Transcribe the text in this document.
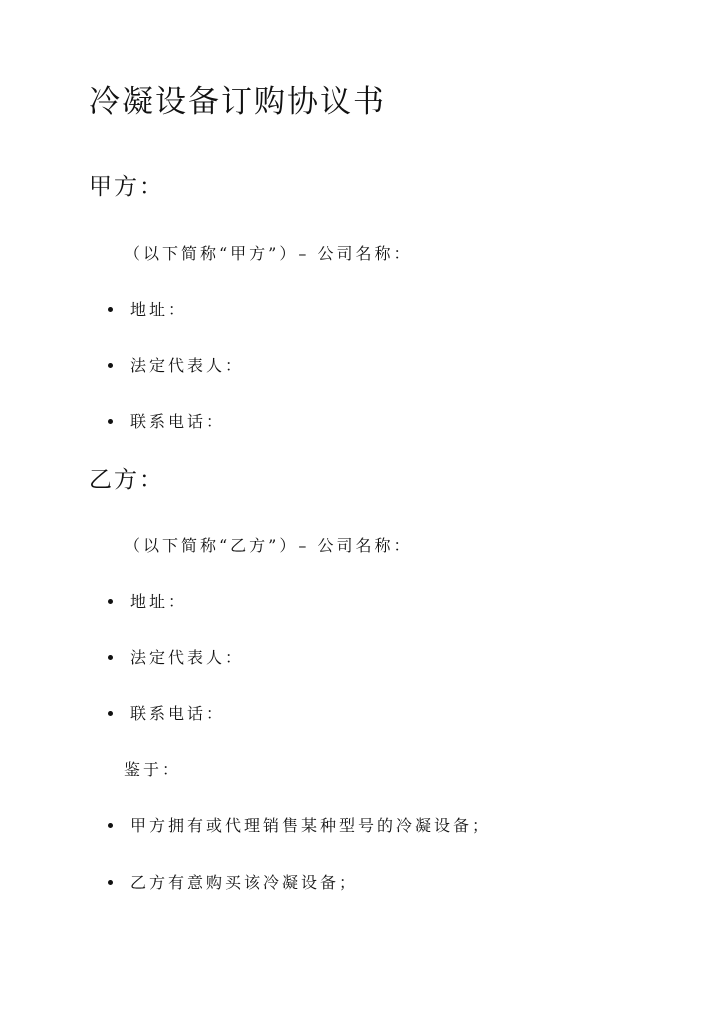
冷凝设备订购协议书
甲方：
（以下简称“甲方”）– 公司名称：
地址：
法定代表人：
联系电话：
乙方：
（以下简称“乙方”）– 公司名称：
地址：
法定代表人：
联系电话：
鉴于：
甲方拥有或代理销售某种型号的冷凝设备；
乙方有意购买该冷凝设备；
